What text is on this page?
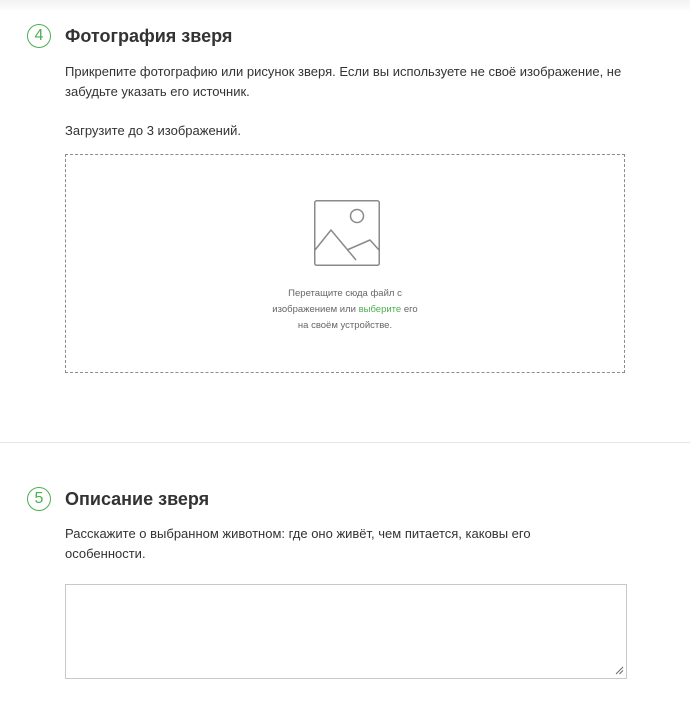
4	Фотография зверя

Прикрепите фотографию или рисунок зверя. Если вы используете не своё изображение, не забудьте указать его источник.

Загрузите до 3 изображений.

Перетащите сюда файл с
изображением или выберите его
на своём устройстве.
5	Описание зверя

Расскажите о выбранном животном: где оно живёт, чем питается, каковы его особенности.
